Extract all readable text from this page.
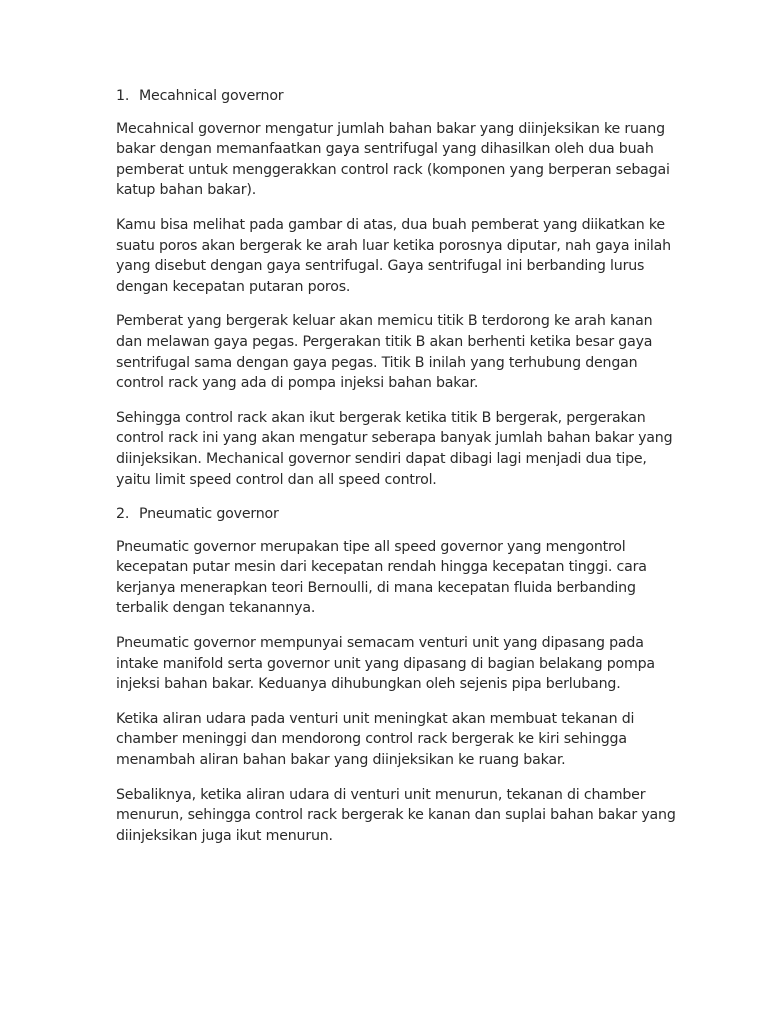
1. Mecahnical governor

Mecahnical governor mengatur jumlah bahan bakar yang diinjeksikan ke ruang bakar dengan memanfaatkan gaya sentrifugal yang dihasilkan oleh dua buah pemberat untuk menggerakkan control rack (komponen yang berperan sebagai katup bahan bakar).

Kamu bisa melihat pada gambar di atas, dua buah pemberat yang diikatkan ke suatu poros akan bergerak ke arah luar ketika porosnya diputar, nah gaya inilah yang disebut dengan gaya sentrifugal. Gaya sentrifugal ini berbanding lurus dengan kecepatan putaran poros.

Pemberat yang bergerak keluar akan memicu titik B terdorong ke arah kanan dan melawan gaya pegas. Pergerakan titik B akan berhenti ketika besar gaya sentrifugal sama dengan gaya pegas. Titik B inilah yang terhubung dengan control rack yang ada di pompa injeksi bahan bakar.

Sehingga control rack akan ikut bergerak ketika titik B bergerak, pergerakan control rack ini yang akan mengatur seberapa banyak jumlah bahan bakar yang diinjeksikan. Mechanical governor sendiri dapat dibagi lagi menjadi dua tipe, yaitu limit speed control dan all speed control.

2. Pneumatic governor

Pneumatic governor merupakan tipe all speed governor yang mengontrol kecepatan putar mesin dari kecepatan rendah hingga kecepatan tinggi. cara kerjanya menerapkan teori Bernoulli, di mana kecepatan fluida berbanding terbalik dengan tekanannya.

Pneumatic governor mempunyai semacam venturi unit yang dipasang pada intake manifold serta governor unit yang dipasang di bagian belakang pompa injeksi bahan bakar. Keduanya dihubungkan oleh sejenis pipa berlubang.

Ketika aliran udara pada venturi unit meningkat akan membuat tekanan di chamber meninggi dan mendorong control rack bergerak ke kiri sehingga menambah aliran bahan bakar yang diinjeksikan ke ruang bakar.

Sebaliknya, ketika aliran udara di venturi unit menurun, tekanan di chamber menurun, sehingga control rack bergerak ke kanan dan suplai bahan bakar yang diinjeksikan juga ikut menurun.
